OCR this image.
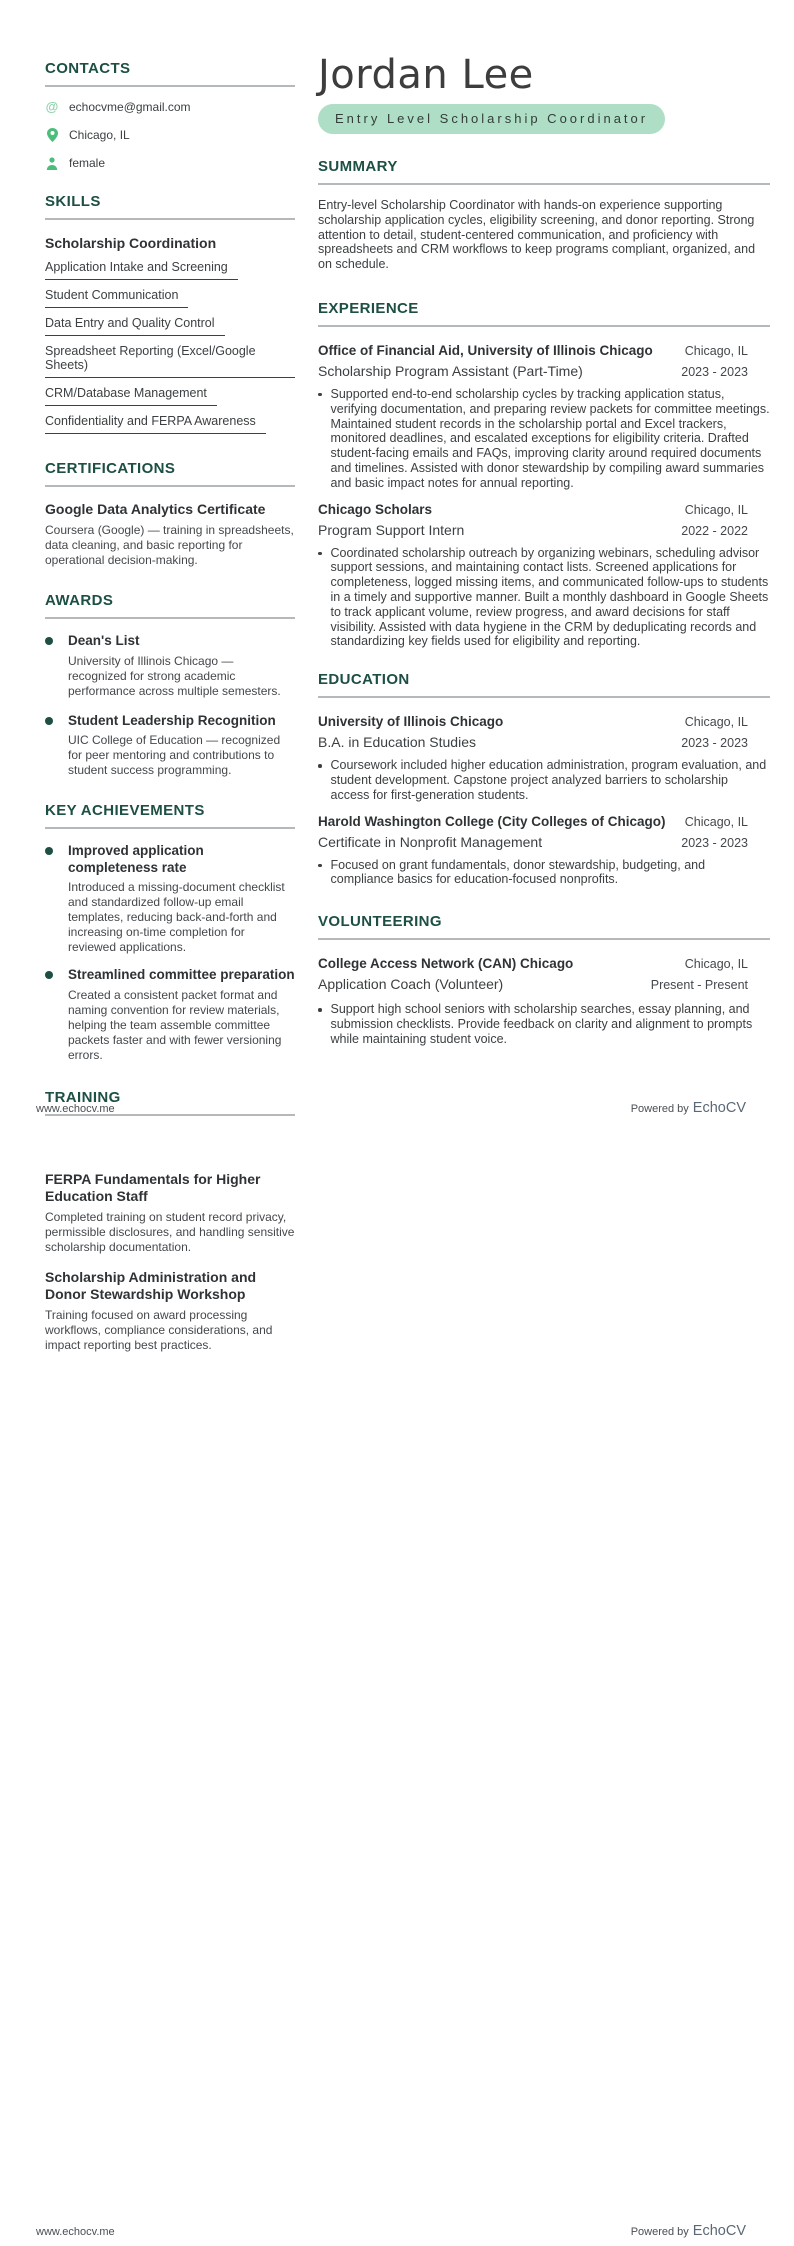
CONTACTS
@ echocvme@gmail.com
Chicago, IL
female
SKILLS
Scholarship Coordination
Application Intake and Screening
Student Communication
Data Entry and Quality Control
Spreadsheet Reporting (Excel/Google Sheets)
CRM/Database Management
Confidentiality and FERPA Awareness
CERTIFICATIONS
Google Data Analytics Certificate
Coursera (Google) — training in spreadsheets, data cleaning, and basic reporting for operational decision-making.
AWARDS
Dean's List
University of Illinois Chicago — recognized for strong academic performance across multiple semesters.
Student Leadership Recognition
UIC College of Education — recognized for peer mentoring and contributions to student success programming.
KEY ACHIEVEMENTS
Improved application completeness rate
Introduced a missing-document checklist and standardized follow-up email templates, reducing back-and-forth and increasing on-time completion for reviewed applications.
Streamlined committee preparation
Created a consistent packet format and naming convention for review materials, helping the team assemble committee packets faster and with fewer versioning errors.
TRAINING
Jordan Lee
Entry Level Scholarship Coordinator
SUMMARY
Entry-level Scholarship Coordinator with hands-on experience supporting scholarship application cycles, eligibility screening, and donor reporting. Strong attention to detail, student-centered communication, and proficiency with spreadsheets and CRM workflows to keep programs compliant, organized, and on schedule.
EXPERIENCE
Office of Financial Aid, University of Illinois Chicago	Chicago, IL
Scholarship Program Assistant (Part-Time)	2023 - 2023
Supported end-to-end scholarship cycles by tracking application status, verifying documentation, and preparing review packets for committee meetings. Maintained student records in the scholarship portal and Excel trackers, monitored deadlines, and escalated exceptions for eligibility criteria. Drafted student-facing emails and FAQs, improving clarity around required documents and timelines. Assisted with donor stewardship by compiling award summaries and basic impact notes for annual reporting.
Chicago Scholars	Chicago, IL
Program Support Intern	2022 - 2022
Coordinated scholarship outreach by organizing webinars, scheduling advisor support sessions, and maintaining contact lists. Screened applications for completeness, logged missing items, and communicated follow-ups to students in a timely and supportive manner. Built a monthly dashboard in Google Sheets to track applicant volume, review progress, and award decisions for staff visibility. Assisted with data hygiene in the CRM by deduplicating records and standardizing key fields used for eligibility and reporting.
EDUCATION
University of Illinois Chicago	Chicago, IL
B.A. in Education Studies	2023 - 2023
Coursework included higher education administration, program evaluation, and student development. Capstone project analyzed barriers to scholarship access for first-generation students.
Harold Washington College (City Colleges of Chicago) Chicago, IL
Certificate in Nonprofit Management	2023 - 2023
Focused on grant fundamentals, donor stewardship, budgeting, and compliance basics for education-focused nonprofits.
VOLUNTEERING
College Access Network (CAN) Chicago	Chicago, IL
Application Coach (Volunteer)	Present - Present
Support high school seniors with scholarship searches, essay planning, and submission checklists. Provide feedback on clarity and alignment to prompts while maintaining student voice.
www.echocv.me	Powered by EchoCV
FERPA Fundamentals for Higher Education Staff
Completed training on student record privacy, permissible disclosures, and handling sensitive scholarship documentation.
Scholarship Administration and Donor Stewardship Workshop
Training focused on award processing workflows, compliance considerations, and impact reporting best practices.
www.echocv.me	Powered by EchoCV
